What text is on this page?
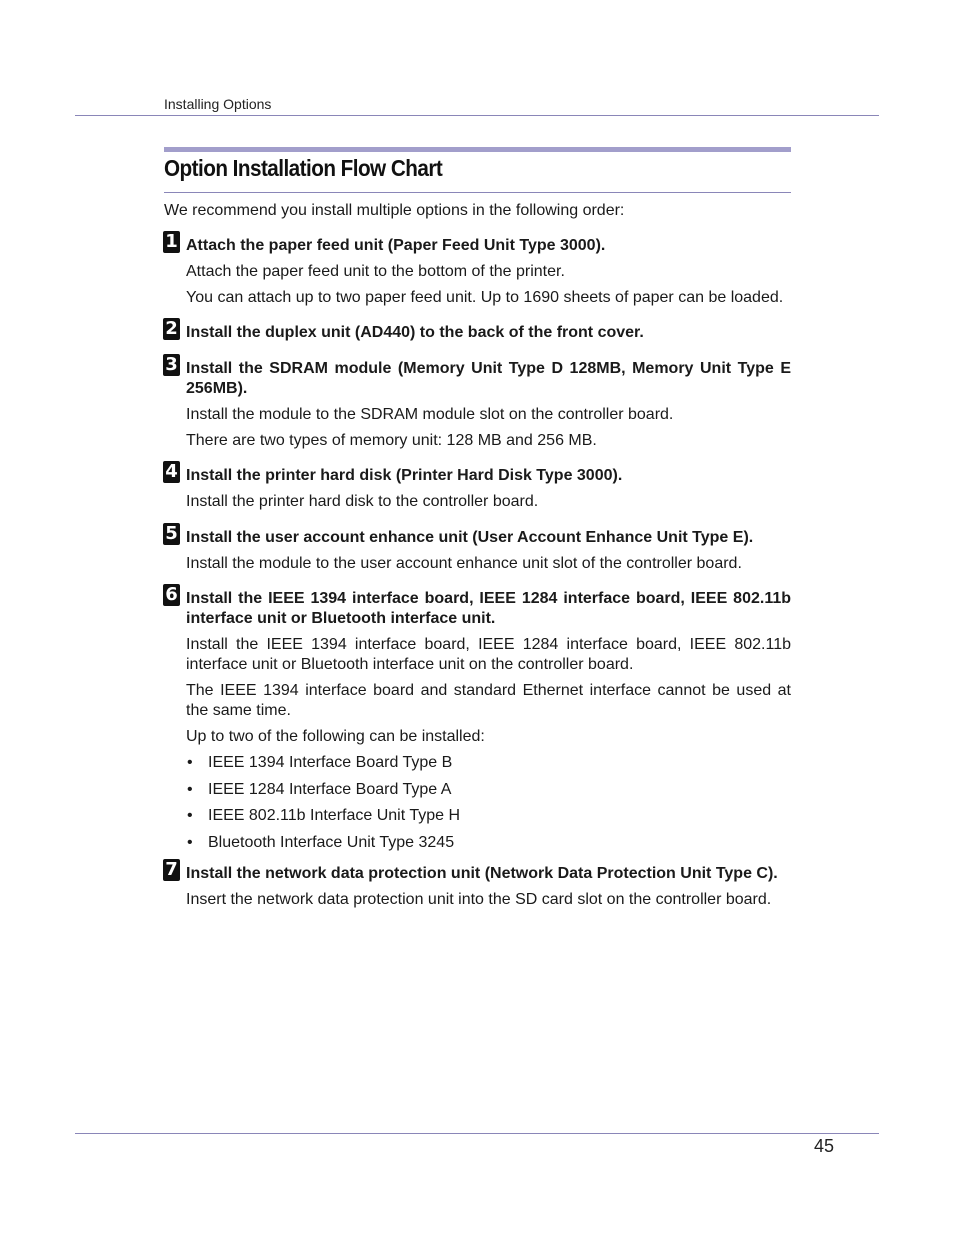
Installing Options
Option Installation Flow Chart
We recommend you install multiple options in the following order:
1 Attach the paper feed unit (Paper Feed Unit Type 3000).
Attach the paper feed unit to the bottom of the printer.
You can attach up to two paper feed unit. Up to 1690 sheets of paper can be loaded.
2 Install the duplex unit (AD440) to the back of the front cover.
3 Install the SDRAM module (Memory Unit Type D 128MB, Memory Unit Type E 256MB).
Install the module to the SDRAM module slot on the controller board.
There are two types of memory unit: 128 MB and 256 MB.
4 Install the printer hard disk (Printer Hard Disk Type 3000).
Install the printer hard disk to the controller board.
5 Install the user account enhance unit (User Account Enhance Unit Type E).
Install the module to the user account enhance unit slot of the controller board.
6 Install the IEEE 1394 interface board, IEEE 1284 interface board, IEEE 802.11b interface unit or Bluetooth interface unit.
Install the IEEE 1394 interface board, IEEE 1284 interface board, IEEE 802.11b interface unit or Bluetooth interface unit on the controller board.
The IEEE 1394 interface board and standard Ethernet interface cannot be used at the same time.
Up to two of the following can be installed:
• IEEE 1394 Interface Board Type B
• IEEE 1284 Interface Board Type A
• IEEE 802.11b Interface Unit Type H
• Bluetooth Interface Unit Type 3245
7 Install the network data protection unit (Network Data Protection Unit Type C).
Insert the network data protection unit into the SD card slot on the controller board.
45
